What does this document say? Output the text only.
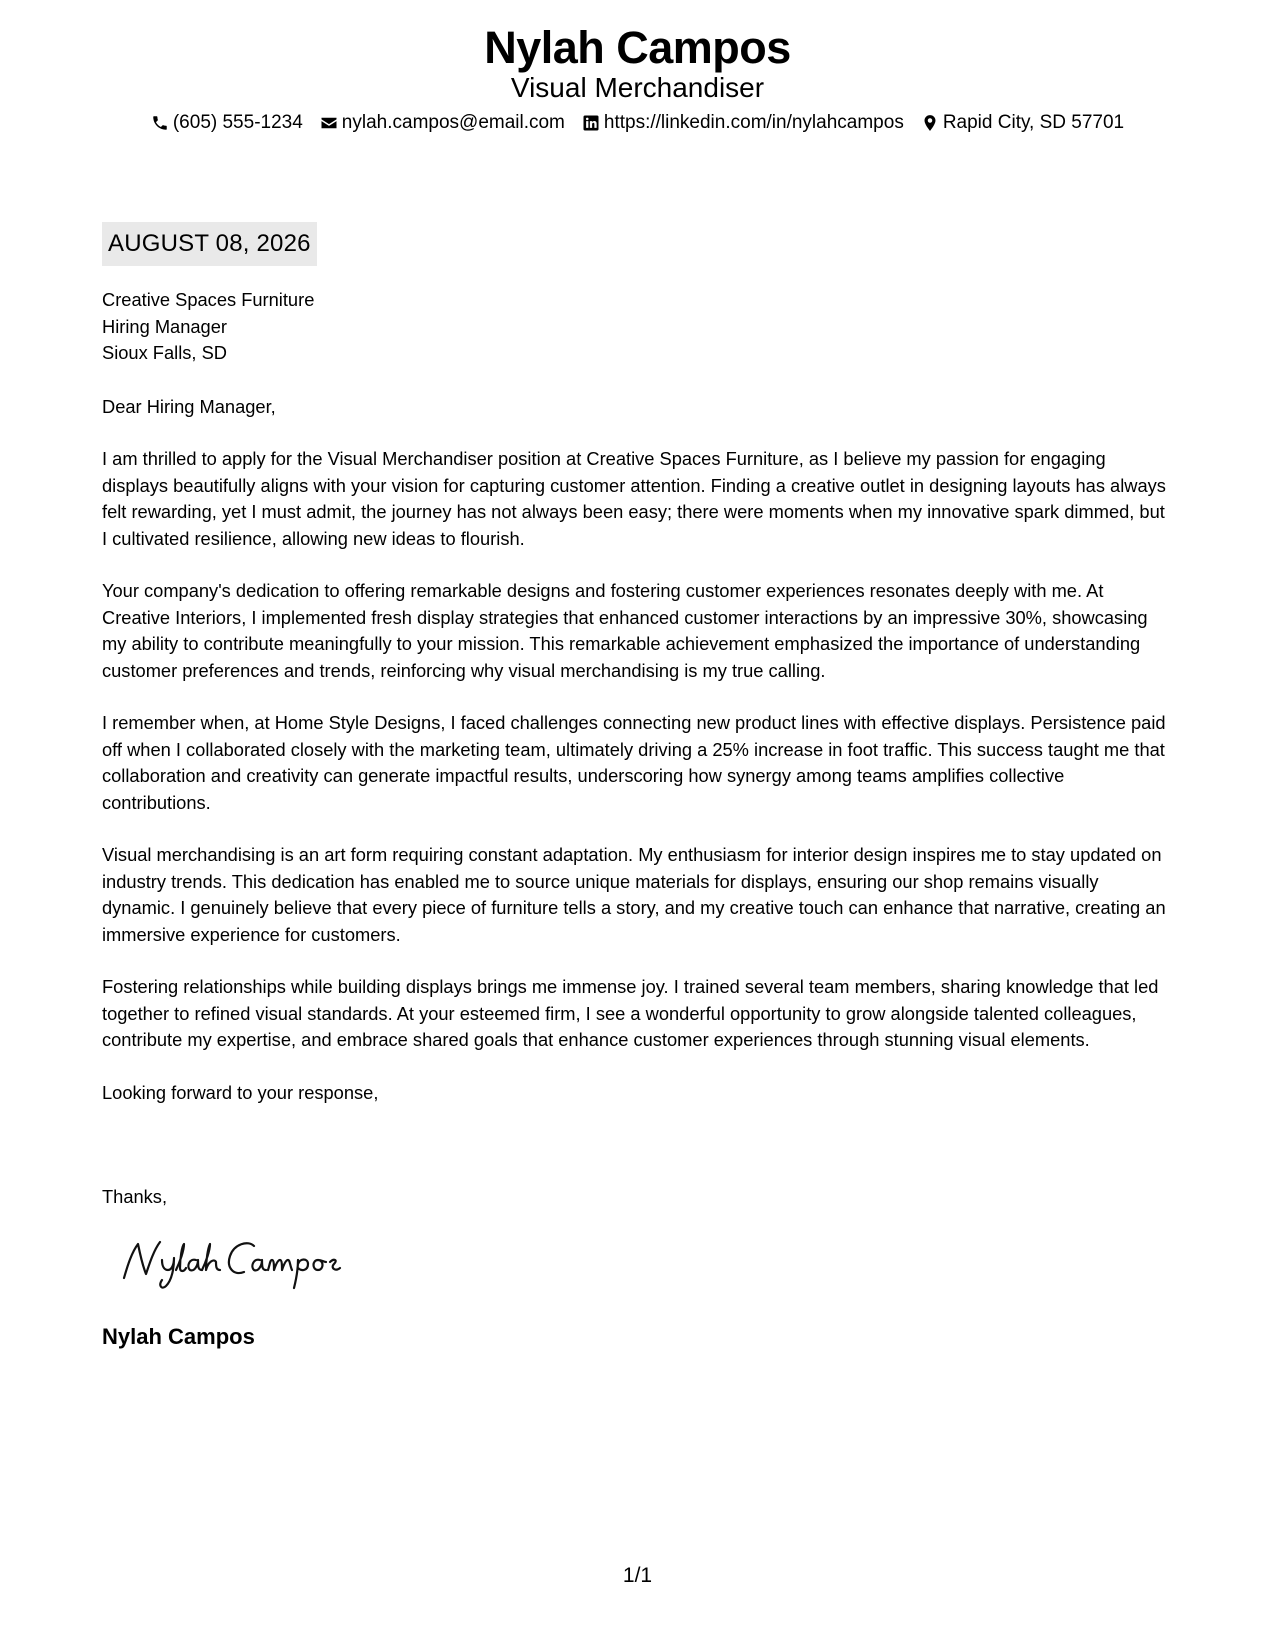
Nylah Campos
Visual Merchandiser
(605) 555-1234 nylah.campos@email.com https://linkedin.com/in/nylahcampos Rapid City, SD 57701
AUGUST 08, 2026
Creative Spaces Furniture
Hiring Manager
Sioux Falls, SD
Dear Hiring Manager,

I am thrilled to apply for the Visual Merchandiser position at Creative Spaces Furniture, as I believe my passion for engaging displays beautifully aligns with your vision for capturing customer attention. Finding a creative outlet in designing layouts has always felt rewarding, yet I must admit, the journey has not always been easy; there were moments when my innovative spark dimmed, but I cultivated resilience, allowing new ideas to flourish.

Your company's dedication to offering remarkable designs and fostering customer experiences resonates deeply with me. At Creative Interiors, I implemented fresh display strategies that enhanced customer interactions by an impressive 30%, showcasing my ability to contribute meaningfully to your mission. This remarkable achievement emphasized the importance of understanding customer preferences and trends, reinforcing why visual merchandising is my true calling.

I remember when, at Home Style Designs, I faced challenges connecting new product lines with effective displays. Persistence paid off when I collaborated closely with the marketing team, ultimately driving a 25% increase in foot traffic. This success taught me that collaboration and creativity can generate impactful results, underscoring how synergy among teams amplifies collective contributions.

Visual merchandising is an art form requiring constant adaptation. My enthusiasm for interior design inspires me to stay updated on industry trends. This dedication has enabled me to source unique materials for displays, ensuring our shop remains visually dynamic. I genuinely believe that every piece of furniture tells a story, and my creative touch can enhance that narrative, creating an immersive experience for customers.

Fostering relationships while building displays brings me immense joy. I trained several team members, sharing knowledge that led together to refined visual standards. At your esteemed firm, I see a wonderful opportunity to grow alongside talented colleagues, contribute my expertise, and embrace shared goals that enhance customer experiences through stunning visual elements.

Looking forward to your response,
Thanks,
Nylah Campos
1/1
